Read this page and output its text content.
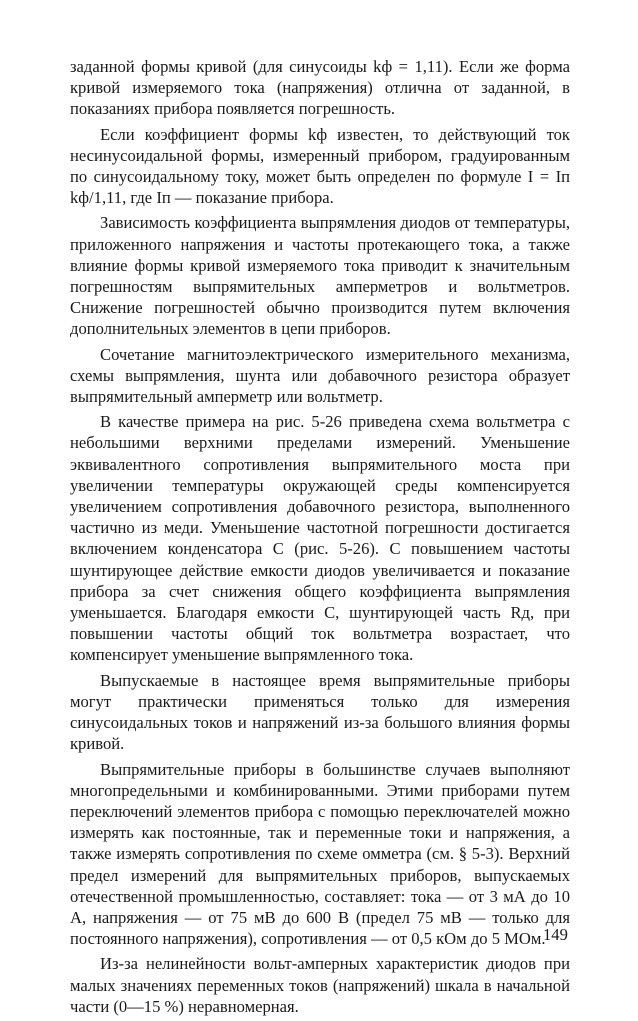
заданной формы кривой (для синусоиды kф = 1,11). Если же форма кривой измеряемого тока (напряжения) отлична от заданной, в показаниях прибора появляется погрешность.

Если коэффициент формы kф известен, то действующий ток несинусоидальной формы, измеренный прибором, градуированным по синусоидальному току, может быть определен по формуле I = Iп kф/1,11, где Iп — показание прибора.

Зависимость коэффициента выпрямления диодов от температуры, приложенного напряжения и частоты протекающего тока, а также влияние формы кривой измеряемого тока приводит к значительным погрешностям выпрямительных амперметров и вольтметров. Снижение погрешностей обычно производится путем включения дополнительных элементов в цепи приборов.

Сочетание магнитоэлектрического измерительного механизма, схемы выпрямления, шунта или добавочного резистора образует выпрямительный амперметр или вольтметр.

В качестве примера на рис. 5-26 приведена схема вольтметра с небольшими верхними пределами измерений. Уменьшение эквивалентного сопротивления выпрямительного моста при увеличении температуры окружающей среды компенсируется увеличением сопротивления добавочного резистора, выполненного частично из меди. Уменьшение частотной погрешности достигается включением конденсатора C (рис. 5-26). С повышением частоты шунтирующее действие емкости диодов увеличивается и показание прибора за счет снижения общего коэффициента выпрямления уменьшается. Благодаря емкости C, шунтирующей часть Rд, при повышении частоты общий ток вольтметра возрастает, что компенсирует уменьшение выпрямленного тока.

Выпускаемые в настоящее время выпрямительные приборы могут практически применяться только для измерения синусоидальных токов и напряжений из-за большого влияния формы кривой.

Выпрямительные приборы в большинстве случаев выполняют многопредельными и комбинированными. Этими приборами путем переключений элементов прибора с помощью переключателей можно измерять как постоянные, так и переменные токи и напряжения, а также измерять сопротивления по схеме омметра (см. § 5-3). Верхний предел измерений для выпрямительных приборов, выпускаемых отечественной промышленностью, составляет: тока — от 3 мА до 10 А, напряжения — от 75 мВ до 600 В (предел 75 мВ — только для постоянного напряжения), сопротивления — от 0,5 кОм до 5 МОм.

Из-за нелинейности вольт-амперных характеристик диодов при малых значениях переменных токов (напряжений) шкала в начальной части (0—15 %) неравномерная.

149
